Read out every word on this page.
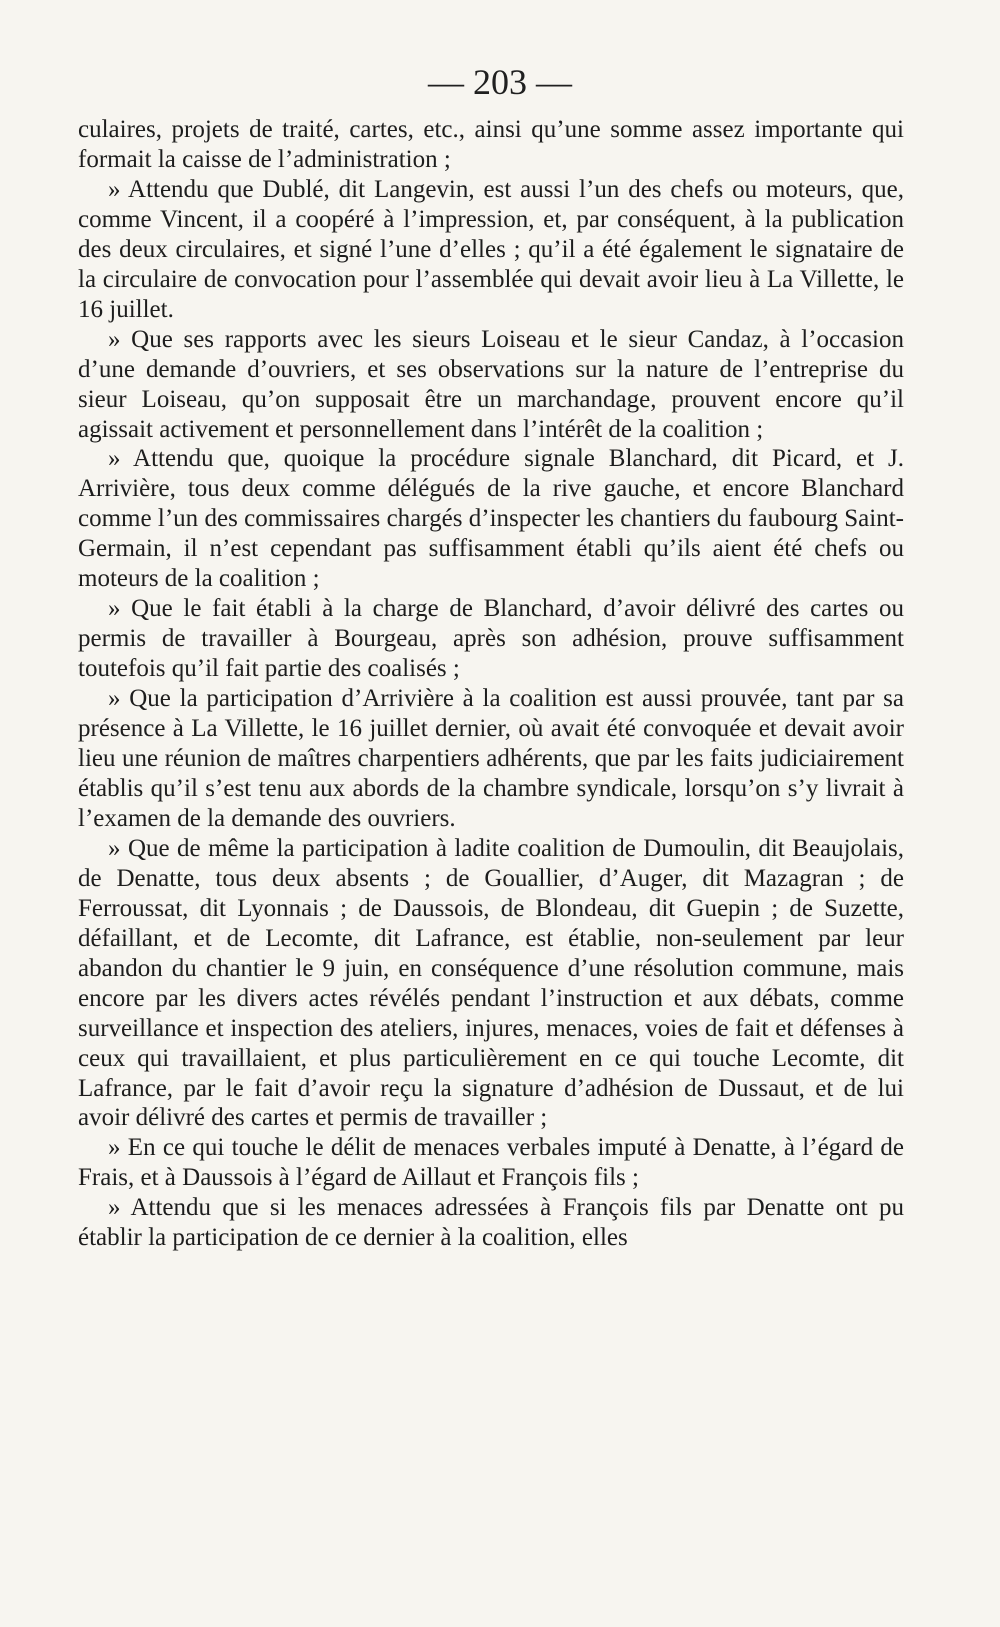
— 203 —

culaires, projets de traité, cartes, etc., ainsi qu’une somme assez importante qui formait la caisse de l’administration ;

» Attendu que Dublé, dit Langevin, est aussi l’un des chefs ou moteurs, que, comme Vincent, il a coopéré à l’impression, et, par conséquent, à la publication des deux circulaires, et signé l’une d’elles ; qu’il a été également le signataire de la circulaire de convocation pour l’assemblée qui devait avoir lieu à La Villette, le 16 juillet.

» Que ses rapports avec les sieurs Loiseau et le sieur Candaz, à l’occasion d’une demande d’ouvriers, et ses observations sur la nature de l’entreprise du sieur Loiseau, qu’on supposait être un marchandage, prouvent encore qu’il agissait activement et personnellement dans l’intérêt de la coalition ;

» Attendu que, quoique la procédure signale Blanchard, dit Picard, et J. Arrivière, tous deux comme délégués de la rive gauche, et encore Blanchard comme l’un des commissaires chargés d’inspecter les chantiers du faubourg Saint-Germain, il n’est cependant pas suffisamment établi qu’ils aient été chefs ou moteurs de la coalition ;

» Que le fait établi à la charge de Blanchard, d’avoir délivré des cartes ou permis de travailler à Bourgeau, après son adhésion, prouve suffisamment toutefois qu’il fait partie des coalisés ;

» Que la participation d’Arrivière à la coalition est aussi prouvée, tant par sa présence à La Villette, le 16 juillet dernier, où avait été convoquée et devait avoir lieu une réunion de maîtres charpentiers adhérents, que par les faits judiciairement établis qu’il s’est tenu aux abords de la chambre syndicale, lorsqu’on s’y livrait à l’examen de la demande des ouvriers.

» Que de même la participation à ladite coalition de Dumoulin, dit Beaujolais, de Denatte, tous deux absents ; de Gouallier, d’Auger, dit Mazagran ; de Ferroussat, dit Lyonnais ; de Daussois, de Blondeau, dit Guepin ; de Suzette, défaillant, et de Lecomte, dit Lafrance, est établie, non-seulement par leur abandon du chantier le 9 juin, en conséquence d’une résolution commune, mais encore par les divers actes révélés pendant l’instruction et aux débats, comme surveillance et inspection des ateliers, injures, menaces, voies de fait et défenses à ceux qui travaillaient, et plus particulièrement en ce qui touche Lecomte, dit Lafrance, par le fait d’avoir reçu la signature d’adhésion de Dussaut, et de lui avoir délivré des cartes et permis de travailler ;

» En ce qui touche le délit de menaces verbales imputé à Denatte, à l’égard de Frais, et à Daussois à l’égard de Aillaut et François fils ;

» Attendu que si les menaces adressées à François fils par Denatte ont pu établir la participation de ce dernier à la coalition, elles
